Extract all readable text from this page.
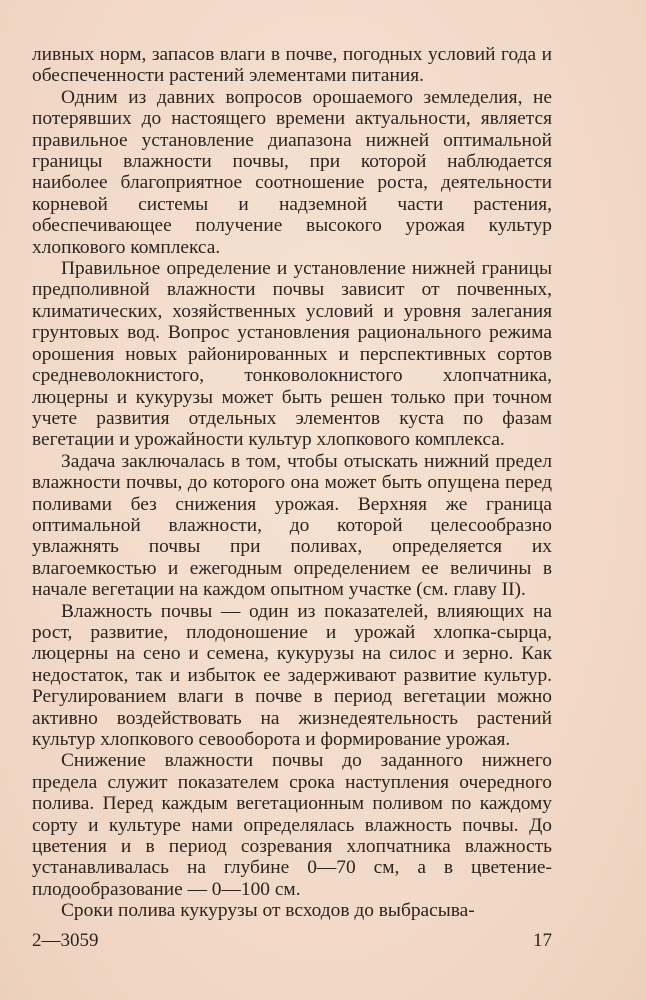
ливных норм, запасов влаги в почве, погодных условий года и обеспеченности растений элементами питания.

Одним из давних вопросов орошаемого земледелия, не потерявших до настоящего времени актуальности, является правильное установление диапазона нижней оптимальной границы влажности почвы, при которой наблюдается наиболее благоприятное соотношение роста, деятельности корневой системы и надземной части растения, обеспечивающее получение высокого урожая культур хлопкового комплекса.

Правильное определение и установление нижней границы предполивной влажности почвы зависит от почвенных, климатических, хозяйственных условий и уровня залегания грунтовых вод. Вопрос установления рационального режима орошения новых районированных и перспективных сортов средневолокнистого, тонковолокнистого хлопчатника, люцерны и кукурузы может быть решен только при точном учете развития отдельных элементов куста по фазам вегетации и урожайности культур хлопкового комплекса.

Задача заключалась в том, чтобы отыскать нижний предел влажности почвы, до которого она может быть опущена перед поливами без снижения урожая. Верхняя же граница оптимальной влажности, до которой целесообразно увлажнять почвы при поливах, определяется их влагоемкостью и ежегодным определением ее величины в начале вегетации на каждом опытном участке (см. главу II).

Влажность почвы — один из показателей, влияющих на рост, развитие, плодоношение и урожай хлопка-сырца, люцерны на сено и семена, кукурузы на силос и зерно. Как недостаток, так и избыток ее задерживают развитие культур. Регулированием влаги в почве в период вегетации можно активно воздействовать на жизнедеятельность растений культур хлопкового севооборота и формирование урожая.

Снижение влажности почвы до заданного нижнего предела служит показателем срока наступления очередного полива. Перед каждым вегетационным поливом по каждому сорту и культуре нами определялась влажность почвы. До цветения и в период созревания хлопчатника влажность устанавливалась на глубине 0—70 см, а в цветение-плодообразование — 0—100 см.

Сроки полива кукурузы от всходов до выбрасыва-

2—3059	17
